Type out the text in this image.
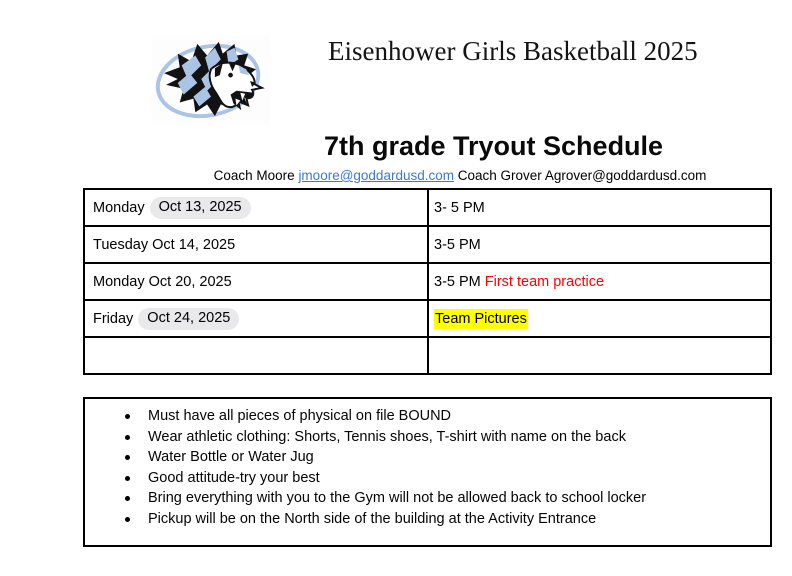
Eisenhower Girls Basketball 2025
7th grade Tryout Schedule
Coach Moore jmoore@goddardusd.com Coach Grover Agrover@goddardusd.com
Monday Oct 13, 2025	3- 5 PM
Tuesday Oct 14, 2025	3-5 PM
Monday Oct 20, 2025	3-5 PM First team practice
Friday Oct 24, 2025	Team Pictures
Must have all pieces of physical on file BOUND
Wear athletic clothing: Shorts, Tennis shoes, T-shirt with name on the back
Water Bottle or Water Jug
Good attitude-try your best
Bring everything with you to the Gym will not be allowed back to school locker
Pickup will be on the North side of the building at the Activity Entrance
